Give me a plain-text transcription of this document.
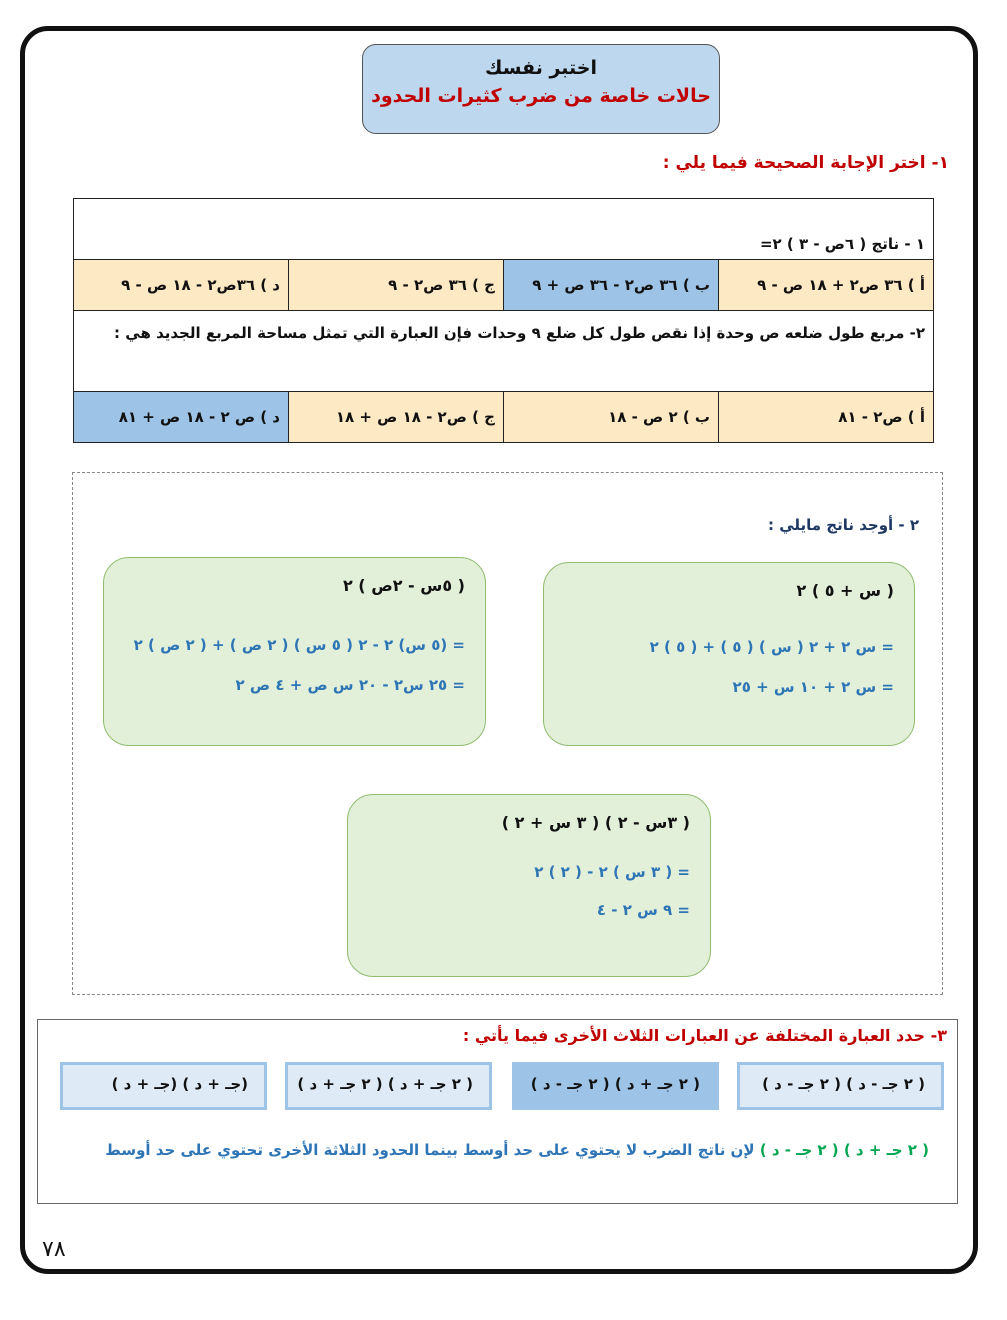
اختبر نفسك
حالات خاصة من ضرب كثيرات الحدود
١- اختر الإجابة الصحيحة فيما يلي :
١ - ناتج ( ٦ص - ٣ ) ٢=			
أ ) ٣٦ ص٢ + ١٨ ص - ٩	ب ) ٣٦ ص٢ - ٣٦ ص + ٩	ج ) ٣٦ ص٢ - ٩	د ) ٣٦ص٢ - ١٨ ص - ٩
٢- مربع طول ضلعه ص وحدة إذا نقص طول كل ضلع ٩ وحدات فإن العبارة التي تمثل مساحة المربع الجديد هي :			
أ ) ص٢ - ٨١	ب ) ٢ ص - ١٨	ج ) ص٢ - ١٨ ص + ١٨	د ) ص ٢ - ١٨ ص + ٨١
٢ - أوجد ناتج مايلي :
( س + ٥ ) ٢
= س ٢ + ٢ ( س ) ( ٥ ) + ( ٥ ) ٢
= س ٢ + ١٠ س + ٢٥
( ٥س - ٢ص ) ٢
= (٥ س) ٢ - ٢ ( ٥ س ) ( ٢ ص ) + ( ٢ ص ) ٢
= ٢٥ س٢ - ٢٠ س ص + ٤ ص ٢
( ٣س - ٢ ) ( ٣ س + ٢ )
= ( ٣ س ) ٢ - ( ٢ ) ٢
= ٩ س ٢ - ٤
٣- حدد العبارة المختلفة عن العبارات الثلاث الأخرى فيما يأتي :
( ٢ جـ - د ) ( ٢ جـ - د )
( ٢ جـ + د ) ( ٢ جـ - د )
( ٢ جـ + د ) ( ٢ جـ + د )
(جـ + د ) (جـ + د )
( ٢ جـ + د ) ( ٢ جـ - د ) لإن ناتج الضرب لا يحتوي على حد أوسط بينما الحدود الثلاثة الأخرى تحتوي على حد أوسط
٧٨
